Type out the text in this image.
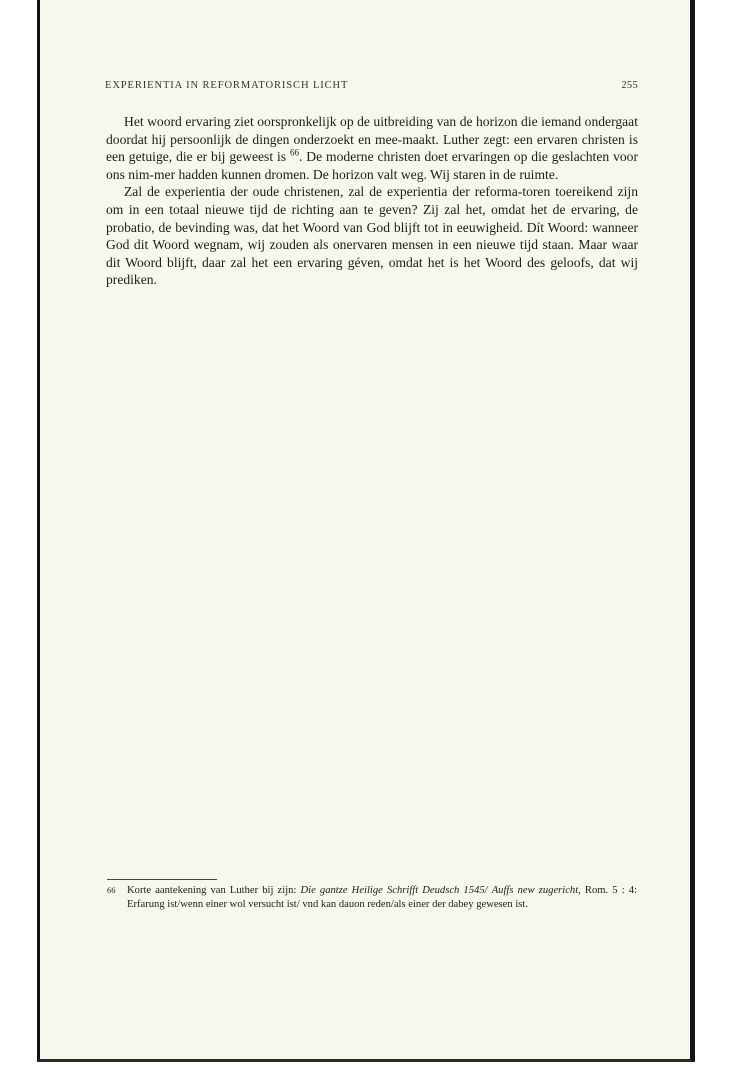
EXPERIENTIA IN REFORMATORISCH LICHT	255

Het woord ervaring ziet oorspronkelijk op de uitbreiding van de horizon die iemand ondergaat doordat hij persoonlijk de dingen onderzoekt en mee-maakt. Luther zegt: een ervaren christen is een getuige, die er bij geweest is $^{66}$. De moderne christen doet ervaringen op die geslachten voor ons nim-mer hadden kunnen dromen. De horizon valt weg. Wij staren in de ruimte.

Zal de experientia der oude christenen, zal de experientia der reforma-toren toereikend zijn om in een totaal nieuwe tijd de richting aan te geven? Zij zal het, omdat het de ervaring, de probatio, de bevinding was, dat het Woord van God blijft tot in eeuwigheid. Dít Woord: wanneer God dit Woord wegnam, wij zouden als onervaren mensen in een nieuwe tijd staan. Maar waar dit Woord blijft, daar zal het een ervaring géven, omdat het is het Woord des geloofs, dat wij prediken.

66 Korte aantekening van Luther bij zijn: Die gantze Heilige Schrifft Deudsch 1545/ Auffs new zugericht, Rom. 5 : 4: Erfarung ist/wenn einer wol versucht ist/ vnd kan dauon reden/als einer der dabey gewesen ist.
